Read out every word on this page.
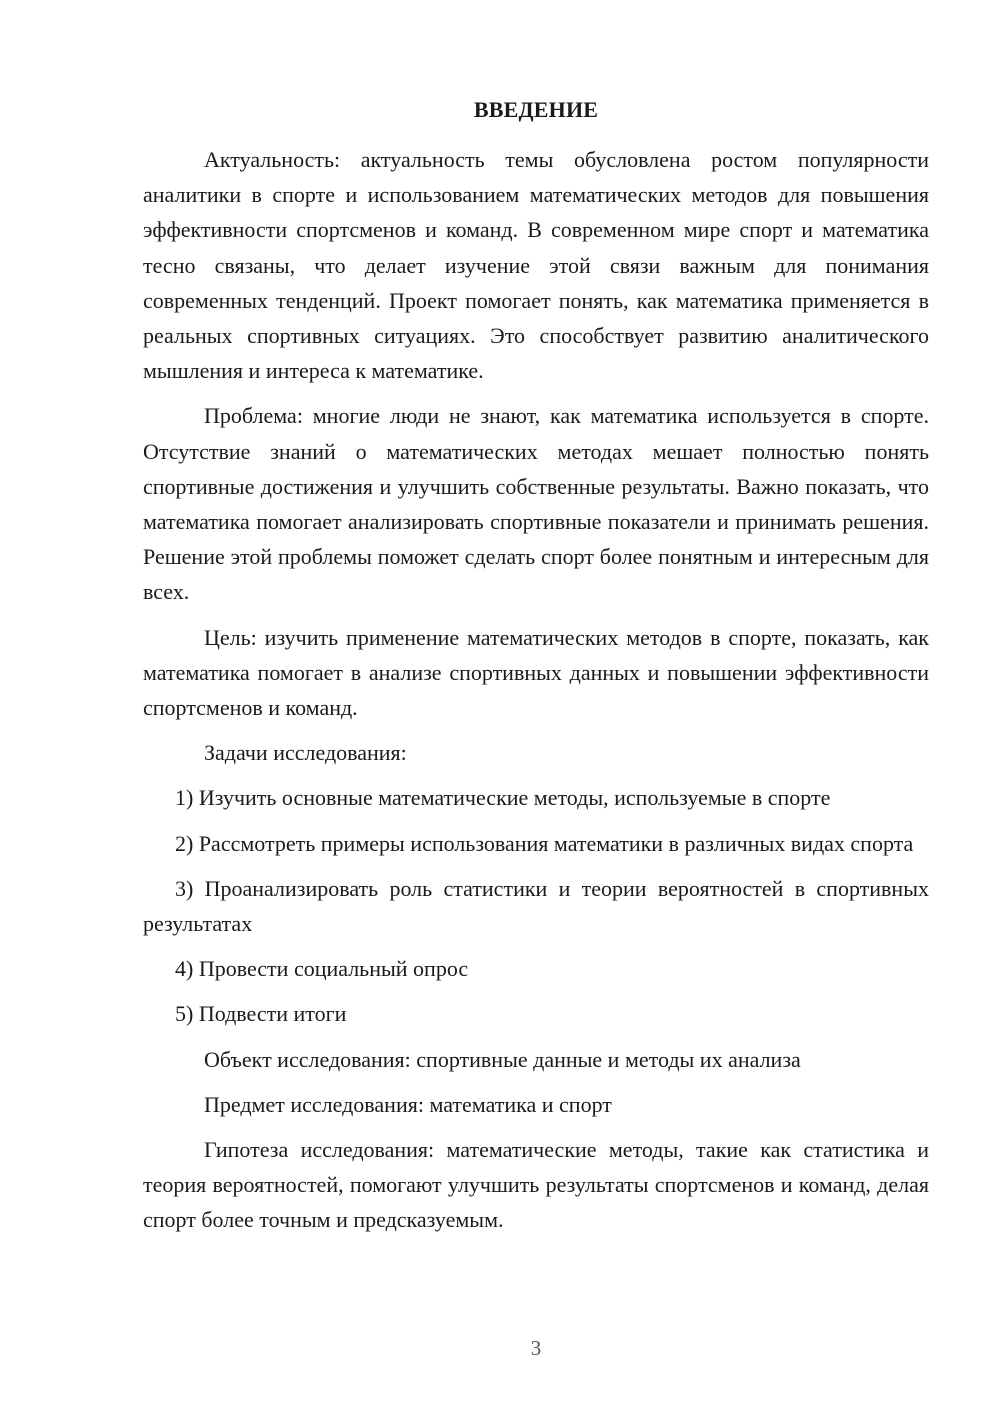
ВВЕДЕНИЕ

Актуальность: актуальность темы обусловлена ростом популярности аналитики в спорте и использованием математических методов для повышения эффективности спортсменов и команд. В современном мире спорт и математика тесно связаны, что делает изучение этой связи важным для понимания современных тенденций. Проект помогает понять, как математика применяется в реальных спортивных ситуациях. Это способствует развитию аналитического мышления и интереса к математике.

Проблема: многие люди не знают, как математика используется в спорте. Отсутствие знаний о математических методах мешает полностью понять спортивные достижения и улучшить собственные результаты. Важно показать, что математика помогает анализировать спортивные показатели и принимать решения. Решение этой проблемы поможет сделать спорт более понятным и интересным для всех.

Цель: изучить применение математических методов в спорте, показать, как математика помогает в анализе спортивных данных и повышении эффективности спортсменов и команд.

Задачи исследования:

1) Изучить основные математические методы, используемые в спорте

2) Рассмотреть примеры использования математики в различных видах спорта

3) Проанализировать роль статистики и теории вероятностей в спортивных результатах

4) Провести социальный опрос

5) Подвести итоги

Объект исследования: спортивные данные и методы их анализа

Предмет исследования: математика и спорт

Гипотеза исследования: математические методы, такие как статистика и теория вероятностей, помогают улучшить результаты спортсменов и команд, делая спорт более точным и предсказуемым.

3
